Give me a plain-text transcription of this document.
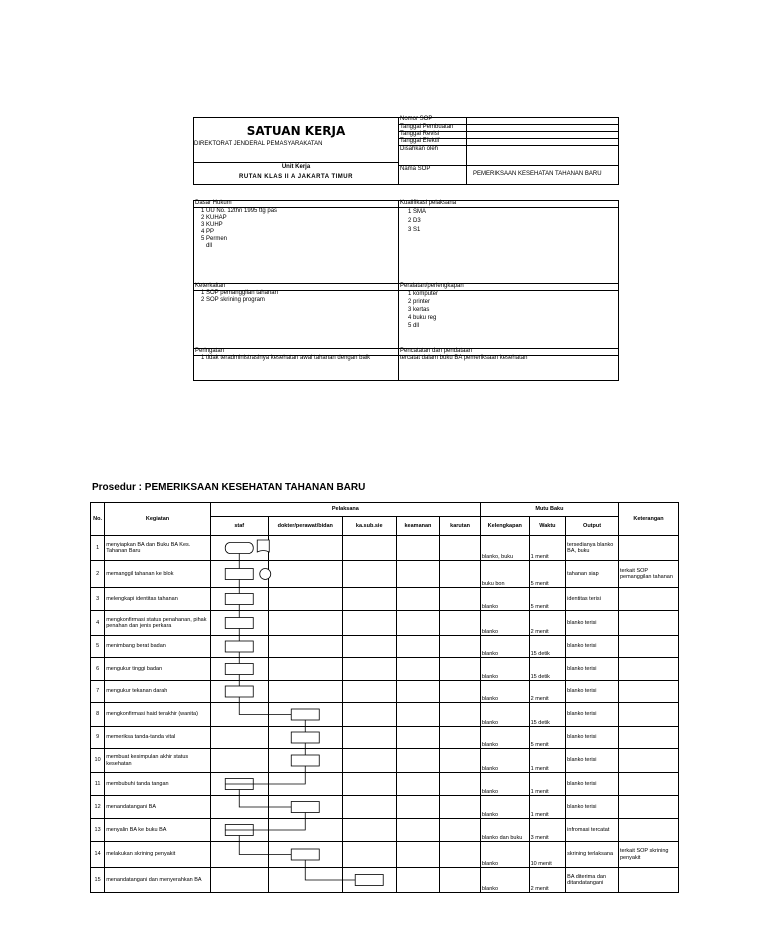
SATUAN KERJA
DIREKTORAT JENDERAL PEMASYARAKATAN
Unit Kerja
RUTAN KLAS II A JAKARTA TIMUR
Nomor SOP
Tanggal Pembuatan
Tanggal Revisi
Tanggal Efektif
Disahkan oleh
Nama SOP
PEMERIKSAAN KESEHATAN TAHANAN BARU
Dasar Hukum
1 UU No. 12thn 1995 ttg pas
2 KUHAP
3 KUHP
4 PP
5 Permen
dll
Kualifikasi pelaksana
1 SMA
2 D3
3 S1
Keterkaitan
1 SOP pemanggilan tahanan
2 SOP skrining program
Peralatan/perlengkapan
1 komputer
2 printer
3 kertas
4 buku reg
5 dll
Peringatan
1 tidak teradministrasinya kesehatan awal tahanan dengan baik
Pencatatan dan pendataan
tercatat dalam buku BA pemeriksaan kesehatan
Prosedur : PEMERIKSAAN KESEHATAN TAHANAN BARU
No.	Kegiatan	Pelaksana					Mutu Baku			Keterangan
		staf	dokter/perawat/bidan	ka.sub.sie	keamanan	karutan	Kelengkapan	Waktu	Output	
1	menyiapkan BA dan Buku BA Kes. Tahanan Baru						blanko, buku	1 menit	tersedianya blanko BA, buku	
2	memanggil tahanan ke blok						buku bon	5 menit	tahanan siap	terkait SOP pemanggilan tahanan
3	melengkapi identitas tahanan						blanko	5 menit	identitas terisi	
4	mengkonfirmasi status penahanan, pihak penahan dan jenis perkara						blanko	2 menit	blanko terisi	
5	menimbang berat badan						blanko	15 detik	blanko terisi	
6	mengukur tinggi badan						blanko	15 detik	blanko terisi	
7	mengukur tekanan darah						blanko	2 menit	blanko terisi	
8	mengkonfirmasi haid terakhir (wanita)						blanko	15 detik	blanko terisi	
9	memeriksa tanda-tanda vital						blanko	5 menit	blanko terisi	
10	membuat kesimpulan akhir status kesehatan						blanko	1 menit	blanko terisi	
11	membubuhi tanda tangan						blanko	1 menit	blanko terisi	
12	menandatangani BA						blanko	1 menit	blanko terisi	
13	menyalin BA ke buku BA						blanko dan buku	3 menit	infromasi tercatat	
14	melakukan skrining penyakit						blanko	10 menit	skrining terlaksana	terkait SOP skrining penyakit
15	menandatangani dan menyerahkan BA						blanko	2 menit	BA diterima dan ditandatangani	
